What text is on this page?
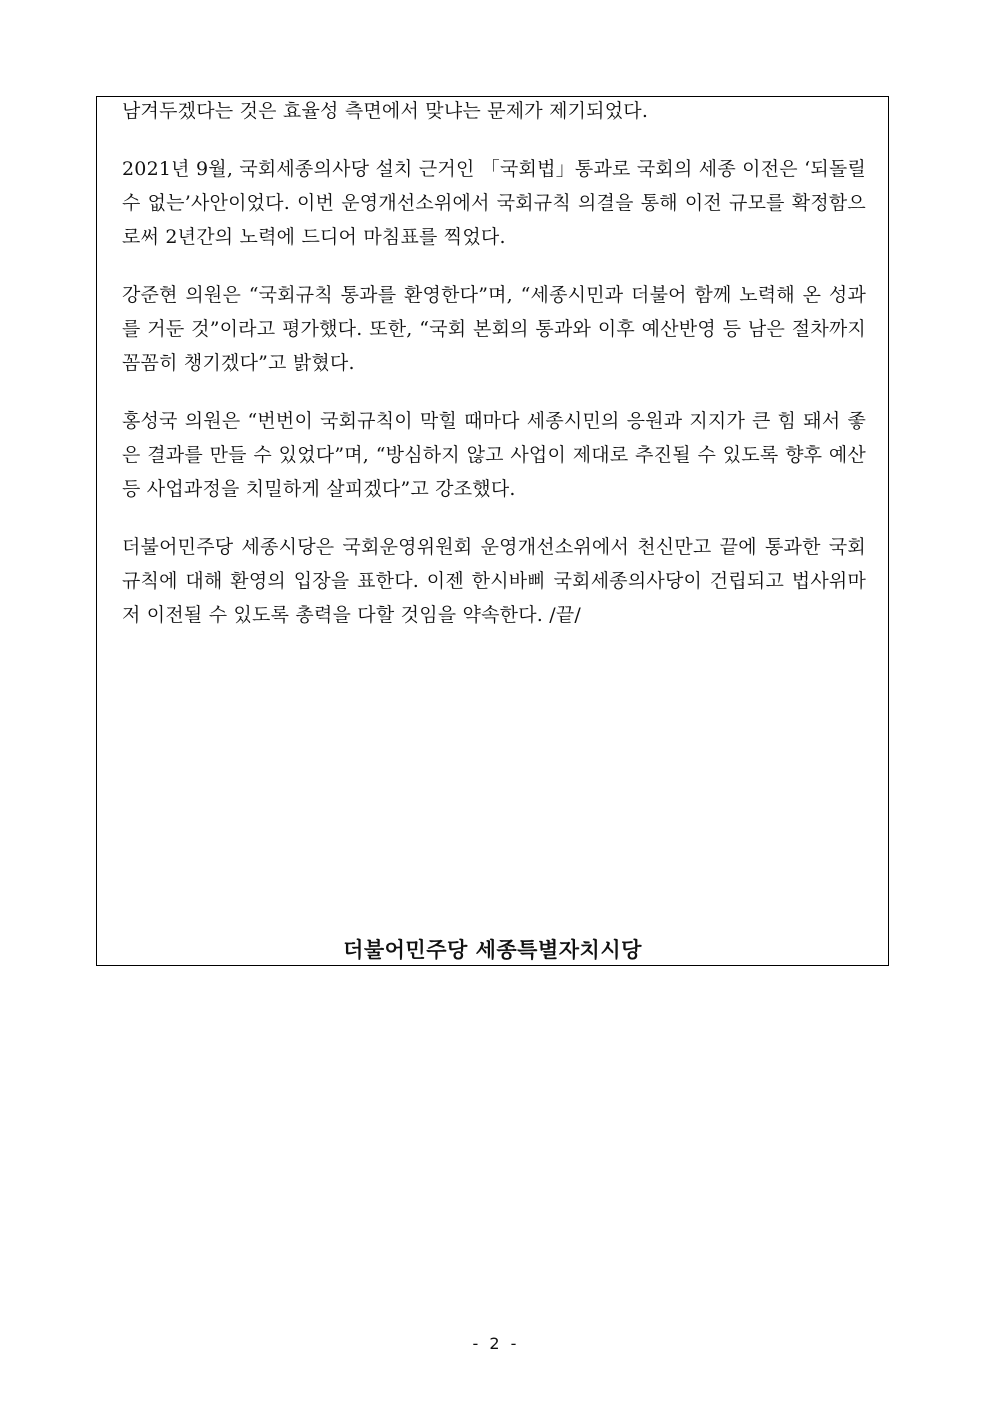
남겨두겠다는 것은 효율성 측면에서 맞냐는 문제가 제기되었다.

2021년 9월, 국회세종의사당 설치 근거인 「국회법」통과로 국회의 세종 이전은 ‘되돌릴 수 없는’사안이었다. 이번 운영개선소위에서 국회규칙 의결을 통해 이전 규모를 확정함으로써 2년간의 노력에 드디어 마침표를 찍었다.

강준현 의원은 “국회규칙 통과를 환영한다”며, “세종시민과 더불어 함께 노력해 온 성과를 거둔 것”이라고 평가했다. 또한, “국회 본회의 통과와 이후 예산반영 등 남은 절차까지 꼼꼼히 챙기겠다”고 밝혔다.

홍성국 의원은 “번번이 국회규칙이 막힐 때마다 세종시민의 응원과 지지가 큰 힘 돼서 좋은 결과를 만들 수 있었다”며, “방심하지 않고 사업이 제대로 추진될 수 있도록 향후 예산 등 사업과정을 치밀하게 살피겠다”고 강조했다.

더불어민주당 세종시당은 국회운영위원회 운영개선소위에서 천신만고 끝에 통과한 국회규칙에 대해 환영의 입장을 표한다. 이젠 한시바삐 국회세종의사당이 건립되고 법사위마저 이전될 수 있도록 총력을 다할 것임을 약속한다. /끝/

더불어민주당 세종특별자치시당
- 2 -
